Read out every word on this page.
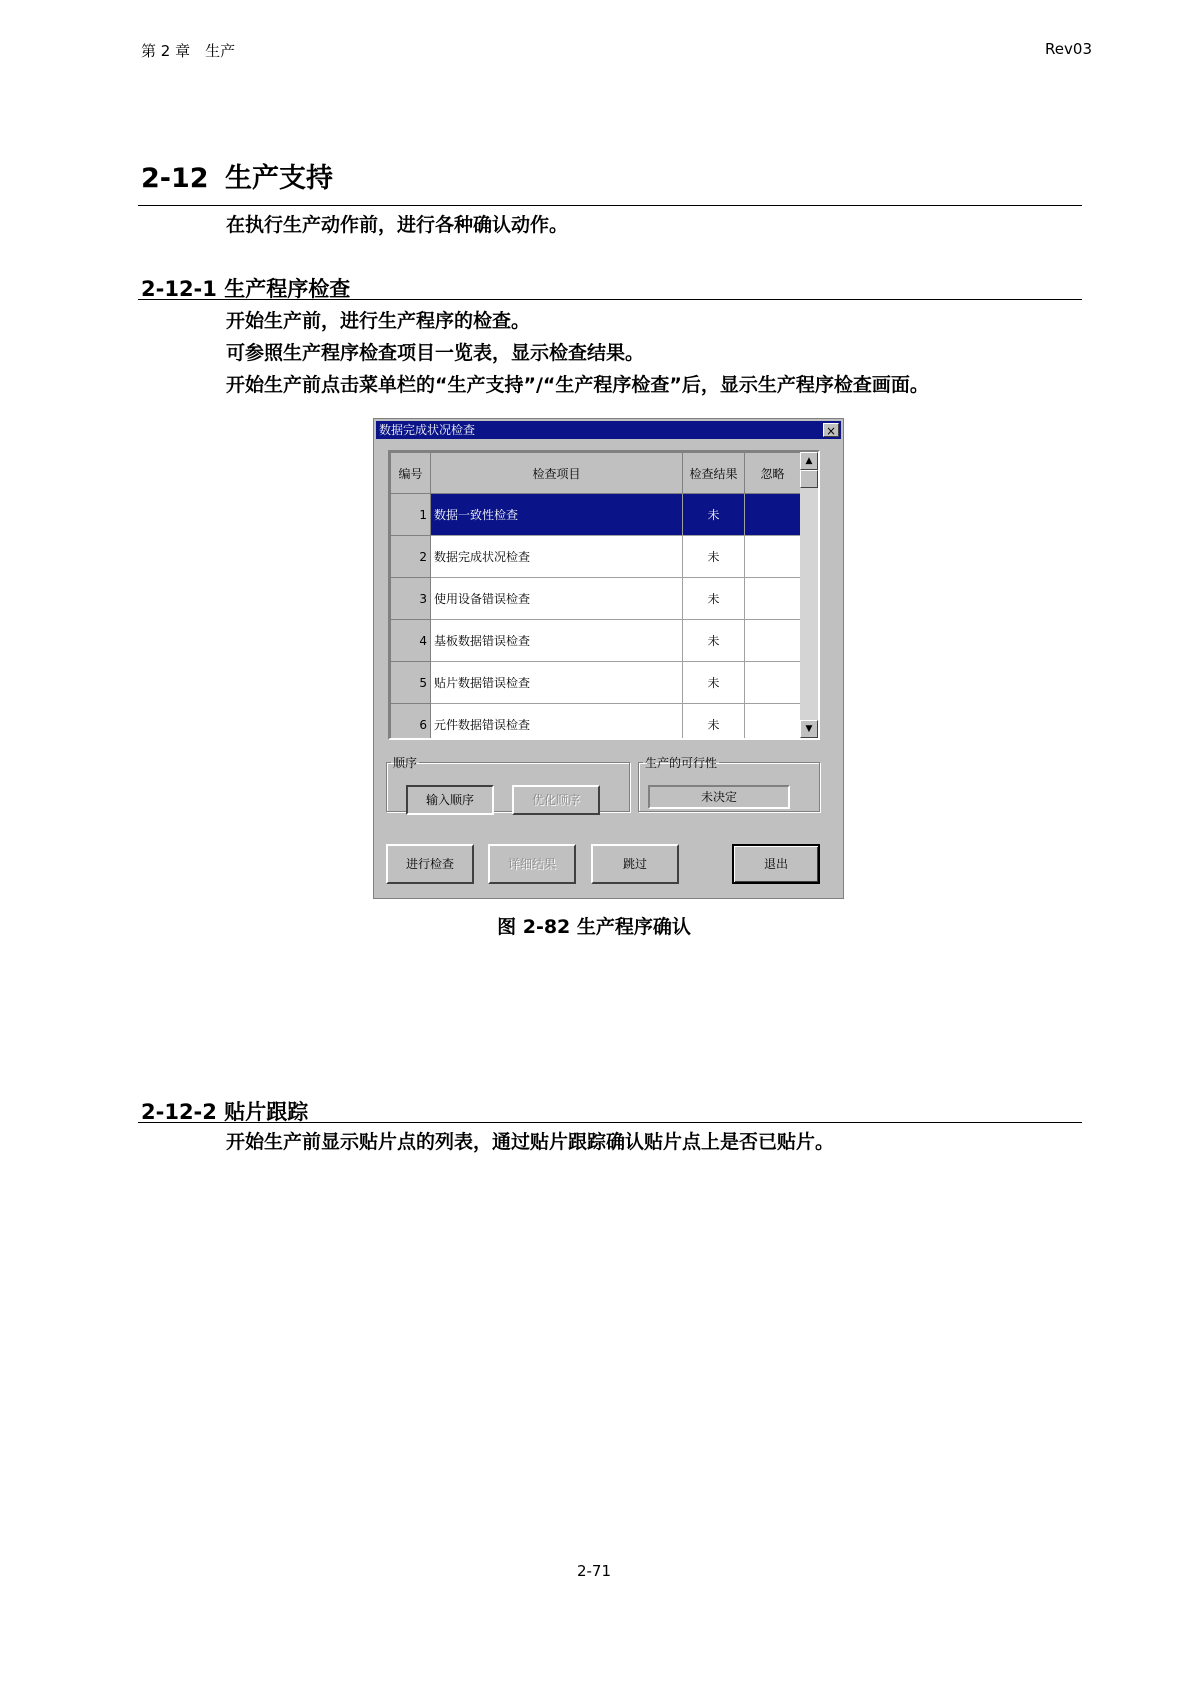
第 2 章　生产	Rev03
2-12 生产支持
在执行生产动作前，进行各种确认动作。
2-12-1 生产程序检查
开始生产前，进行生产程序的检查。
可参照生产程序检查项目一览表，显示检查结果。
开始生产前点击菜单栏的“生产支持”/“生产程序检查”后，显示生产程序检查画面。
数据完成状况检查	×
编号	检查项目	检查结果	忽略
1	数据一致性检查	未	
2	数据完成状况检查	未	
3	使用设备错误检查	未	
4	基板数据错误检查	未	
5	贴片数据错误检查	未	
6	元件数据错误检查	未	
▲
▼
顺序
输入顺序	优化顺序
生产的可行性
未决定
进行检查	详细结果	跳过	退出
图 2-82 生产程序确认
2-12-2 贴片跟踪
开始生产前显示贴片点的列表，通过贴片跟踪确认贴片点上是否已贴片。
2-71
